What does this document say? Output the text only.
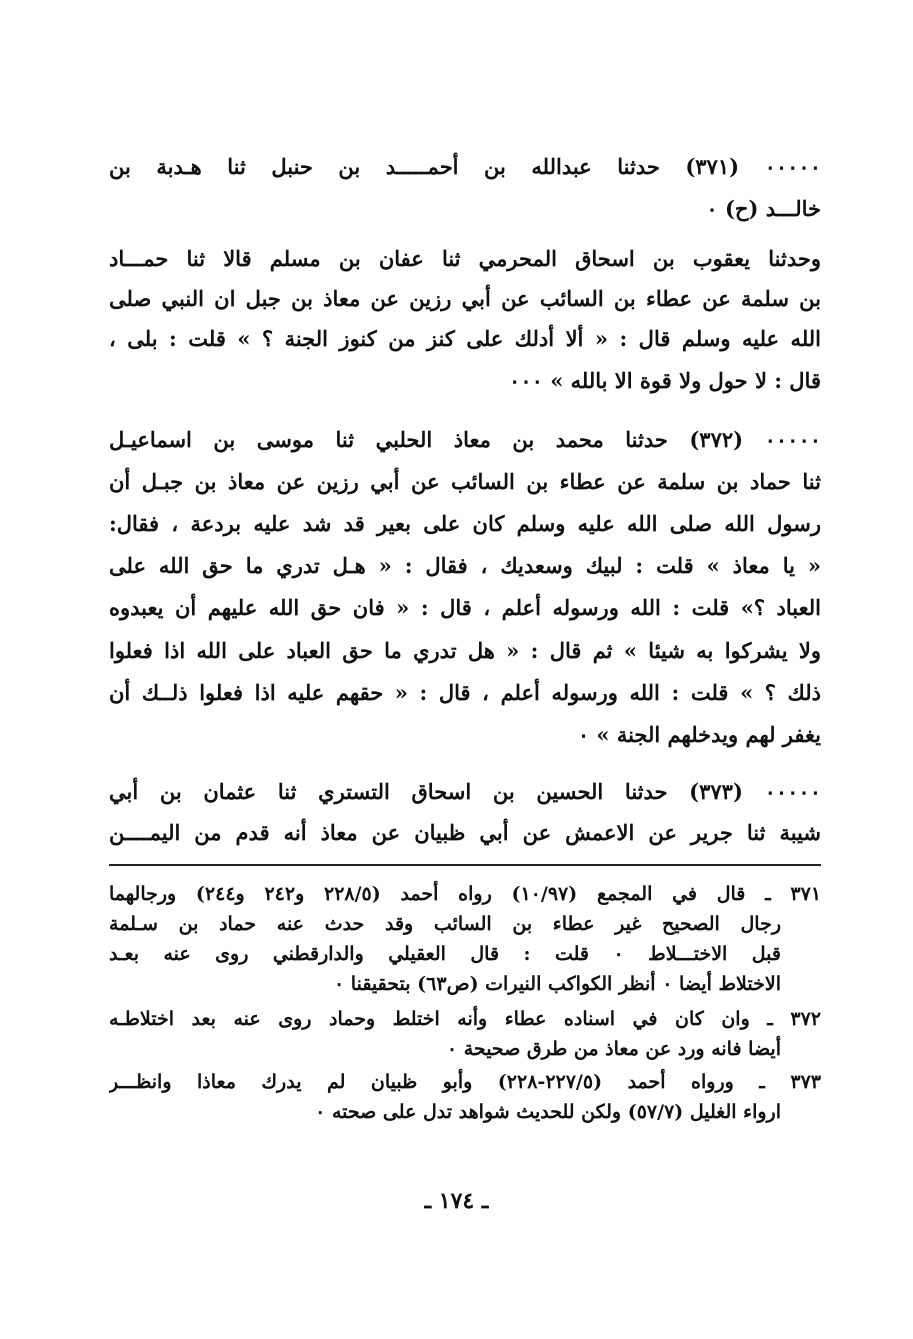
٠٠٠٠٠ (٣٧١) حدثنا عبدالله بن أحمـــــد بن حنبل ثنا هـدبة بن
خالـــد (ح) ٠
وحدثنا يعقوب بن اسحاق المحرمي ثنا عفان بن مسلم قالا ثنا حمـــاد
بن سلمة عن عطاء بن السائب عن أبي رزين عن معاذ بن جبل ان النبي صلى
الله عليه وسلم قال : « ألا أدلك على كنز من كنوز الجنة ؟ » قلت : بلى ،
قال : لا حول ولا قوة الا بالله » ٠٠٠
٠٠٠٠٠ (٣٧٢) حدثنا محمد بن معاذ الحلبي ثنا موسى بن اسماعيـل
ثنا حماد بن سلمة عن عطاء بن السائب عن أبي رزين عن معاذ بن جبـل أن
رسول الله صلى الله عليه وسلم كان على بعير قد شد عليه بردعة ، فقال:
« يا معاذ » قلت : لبيك وسعديك ، فقال : « هـل تدري ما حق الله على
العباد ؟» قلت : الله ورسوله أعلم ، قال : « فان حق الله عليهم أن يعبدوه
ولا يشركوا به شيئا » ثم قال : « هل تدري ما حق العباد على الله اذا فعلوا
ذلك ؟ » قلت : الله ورسوله أعلم ، قال : « حقهم عليه اذا فعلوا ذلــك أن
يغفر لهم ويدخلهم الجنة » ٠
٠٠٠٠٠ (٣٧٣) حدثنا الحسين بن اسحاق التستري ثنا عثمان بن أبي
شيبة ثنا جرير عن الاعمش عن أبي ظبيان عن معاذ أنه قدم من اليمــــن
٣٧١ ـ قال في المجمع (١٠/٩٧) رواه أحمد (٢٢٨/٥ و٢٤٢ و٢٤٤) ورجالهما
رجال الصحيح غير عطاء بن السائب وقد حدث عنه حماد بن سـلمة
قبل الاختـــلاط ٠ قلت : قال العقيلي والدارقطني روى عنه بعـد
الاختلاط أيضا ٠ أنظر الكواكب النيرات (ص٦٣) بتحقيقنا ٠
٣٧٢ ـ وان كان في اسناده عطاء وأنه اختلط وحماد روى عنه بعد اختلاطـه
أيضا فانه ورد عن معاذ من طرق صحيحة ٠
٣٧٣ ـ ورواه أحمد (٢٢٧/٥-٢٢٨) وأبو ظبيان لم يدرك معاذا وانظـــر
ارواء الغليل (٥٧/٧) ولكن للحديث شواهد تدل على صحته ٠
ـ ١٧٤ ـ
